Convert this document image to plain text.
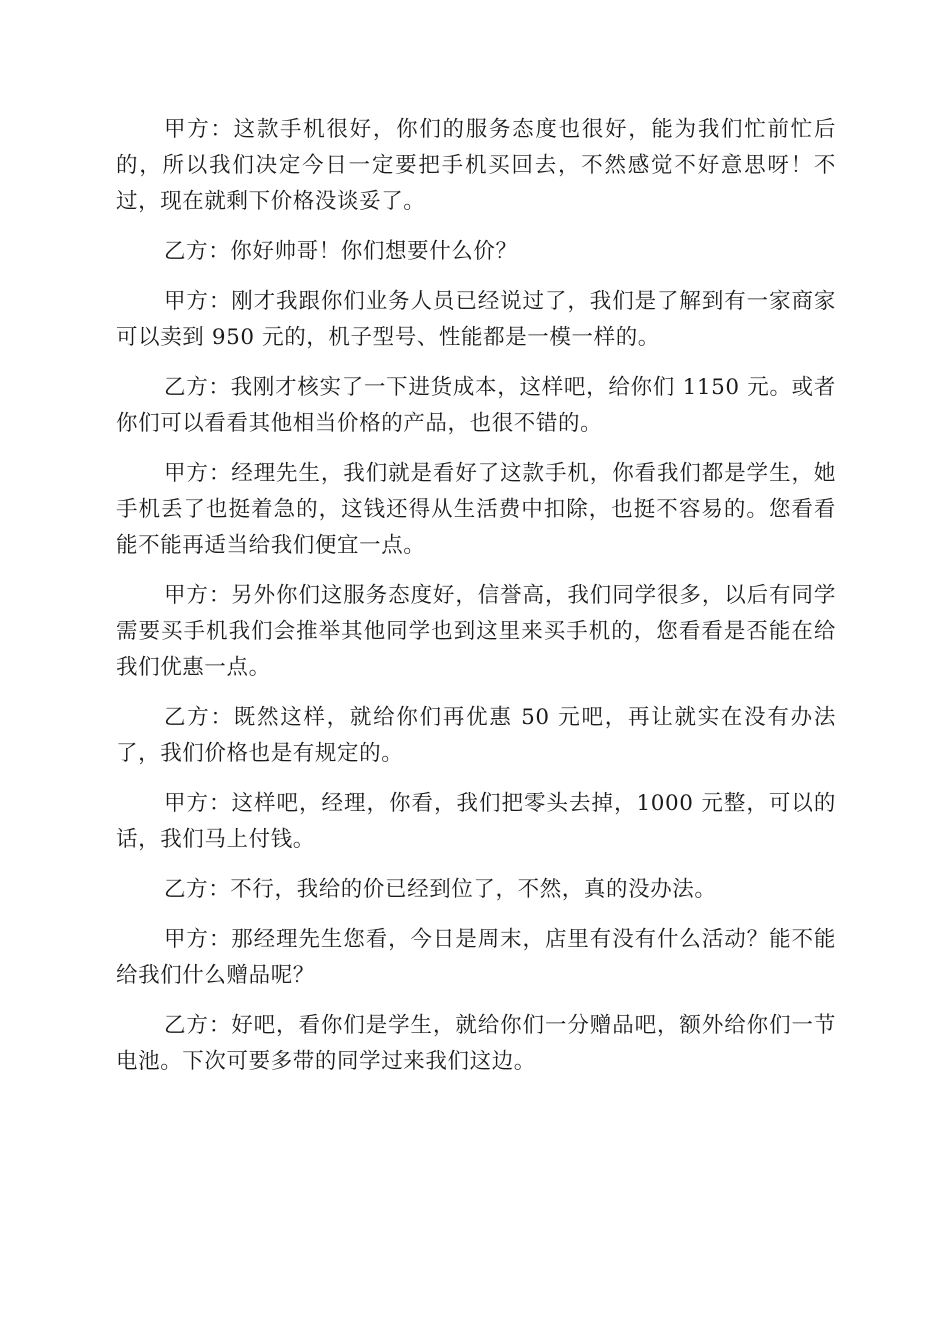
甲方：这款手机很好，你们的服务态度也很好，能为我们忙前忙后的，所以我们决定今日一定要把手机买回去，不然感觉不好意思呀！不过，现在就剩下价格没谈妥了。

乙方：你好帅哥！你们想要什么价？

甲方：刚才我跟你们业务人员已经说过了，我们是了解到有一家商家可以卖到 950 元的，机子型号、性能都是一模一样的。

乙方：我刚才核实了一下进货成本，这样吧，给你们 1150 元。或者你们可以看看其他相当价格的产品，也很不错的。

甲方：经理先生，我们就是看好了这款手机，你看我们都是学生，她手机丢了也挺着急的，这钱还得从生活费中扣除，也挺不容易的。您看看能不能再适当给我们便宜一点。

甲方：另外你们这服务态度好，信誉高，我们同学很多，以后有同学需要买手机我们会推举其他同学也到这里来买手机的，您看看是否能在给我们优惠一点。

乙方：既然这样，就给你们再优惠 50 元吧，再让就实在没有办法了，我们价格也是有规定的。

甲方：这样吧，经理，你看，我们把零头去掉，1000 元整，可以的话，我们马上付钱。

乙方：不行，我给的价已经到位了，不然，真的没办法。

甲方：那经理先生您看，今日是周末，店里有没有什么活动？能不能给我们什么赠品呢？

乙方：好吧，看你们是学生，就给你们一分赠品吧，额外给你们一节电池。下次可要多带的同学过来我们这边。
